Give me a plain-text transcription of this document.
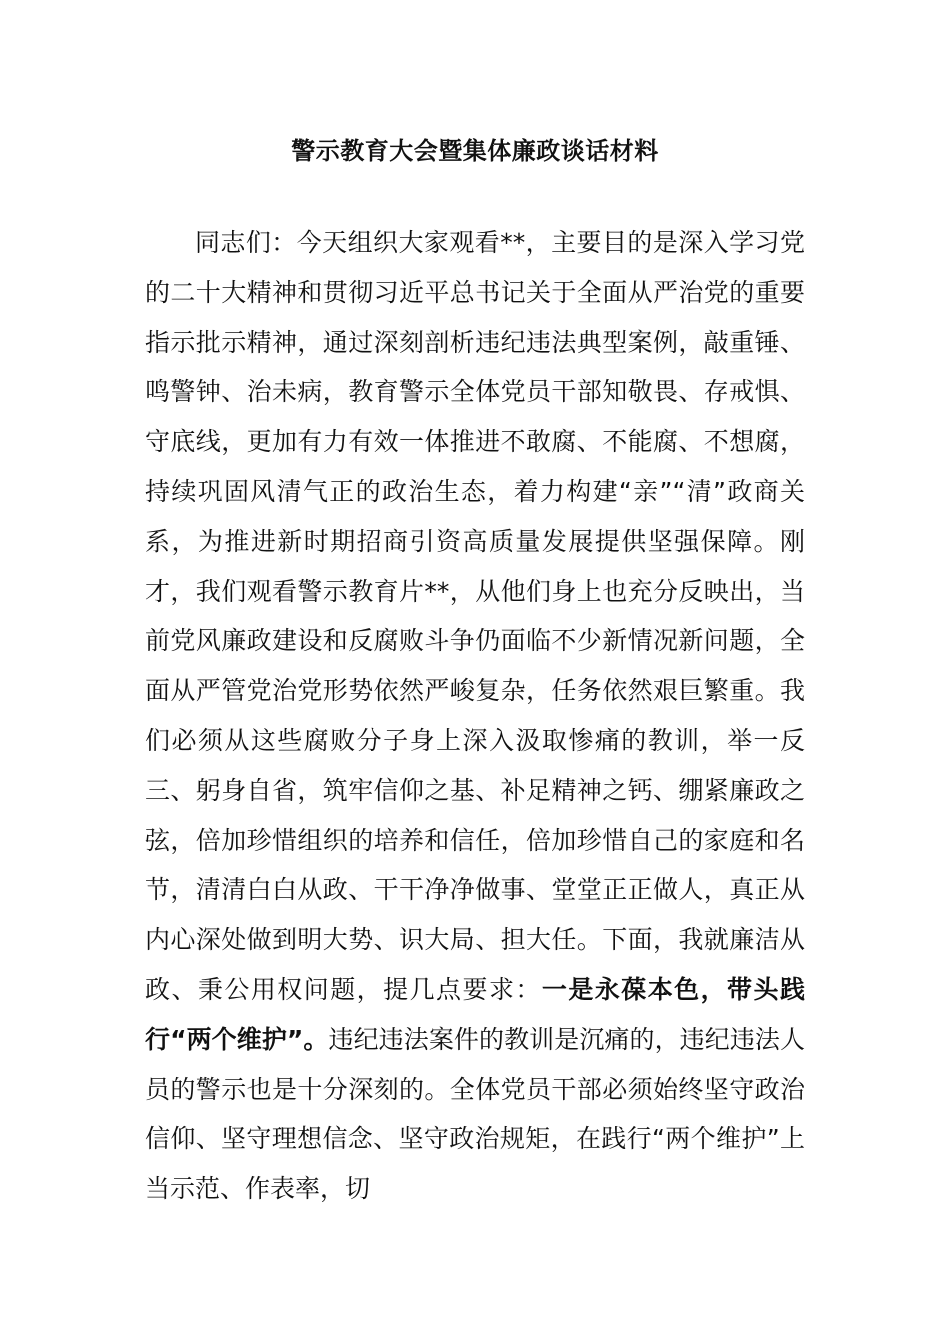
警示教育大会暨集体廉政谈话材料

同志们：今天组织大家观看**，主要目的是深入学习党的二十大精神和贯彻习近平总书记关于全面从严治党的重要指示批示精神，通过深刻剖析违纪违法典型案例，敲重锤、鸣警钟、治未病，教育警示全体党员干部知敬畏、存戒惧、守底线，更加有力有效一体推进不敢腐、不能腐、不想腐，持续巩固风清气正的政治生态，着力构建“亲”“清”政商关系，为推进新时期招商引资高质量发展提供坚强保障。刚才，我们观看警示教育片**，从他们身上也充分反映出，当前党风廉政建设和反腐败斗争仍面临不少新情况新问题，全面从严管党治党形势依然严峻复杂，任务依然艰巨繁重。我们必须从这些腐败分子身上深入汲取惨痛的教训，举一反三、躬身自省，筑牢信仰之基、补足精神之钙、绷紧廉政之弦，倍加珍惜组织的培养和信任，倍加珍惜自己的家庭和名节，清清白白从政、干干净净做事、堂堂正正做人，真正从内心深处做到明大势、识大局、担大任。下面，我就廉洁从政、秉公用权问题，提几点要求：一是永葆本色，带头践行“两个维护”。违纪违法案件的教训是沉痛的，违纪违法人员的警示也是十分深刻的。全体党员干部必须始终坚守政治信仰、坚守理想信念、坚守政治规矩，在践行“两个维护”上当示范、作表率，切
